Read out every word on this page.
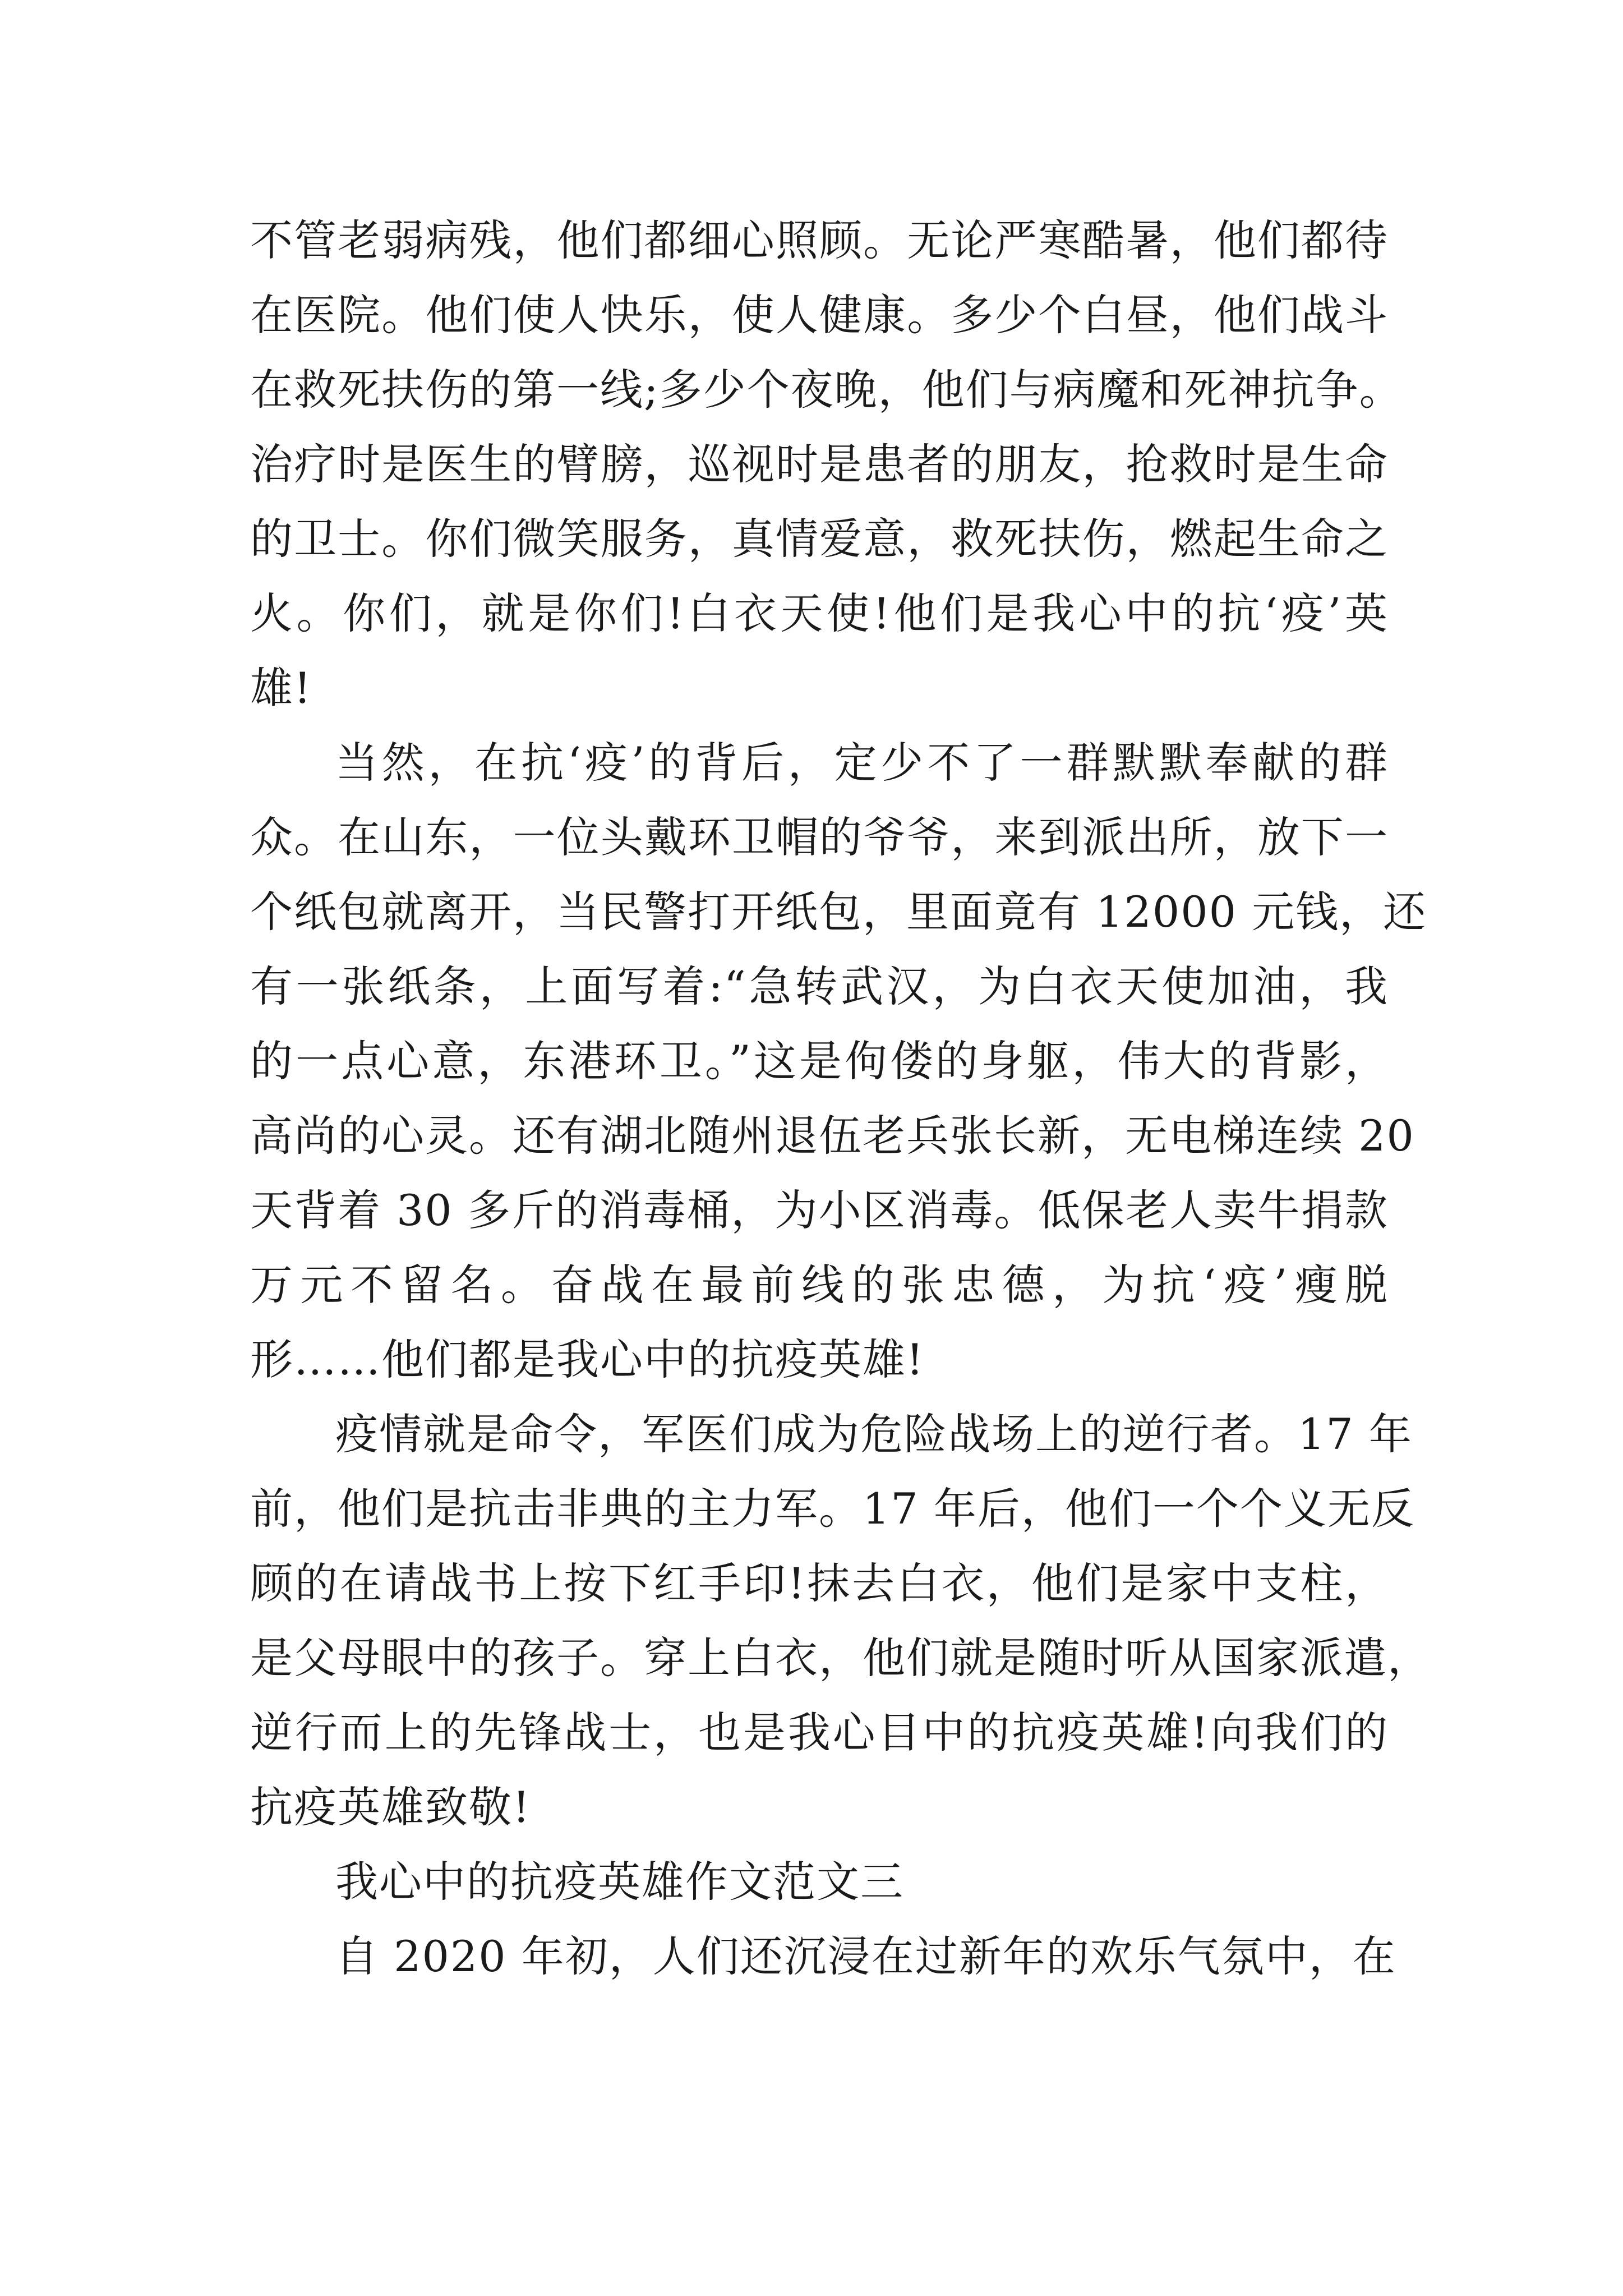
不管老弱病残，他们都细心照顾。无论严寒酷暑，他们都待
在医院。他们使人快乐，使人健康。多少个白昼，他们战斗
在救死扶伤的第一线;多少个夜晚，他们与病魔和死神抗争。
治疗时是医生的臂膀，巡视时是患者的朋友，抢救时是生命
的卫士。你们微笑服务，真情爱意，救死扶伤，燃起生命之
火。你们，就是你们!白衣天使!他们是我心中的抗‘疫’英
雄!
当然，在抗‘疫’的背后，定少不了一群默默奉献的群
众。在山东，一位头戴环卫帽的爷爷，来到派出所，放下一
个纸包就离开，当民警打开纸包，里面竟有 12000 元钱，还
有一张纸条，上面写着:“急转武汉，为白衣天使加油，我
的一点心意，东港环卫。”这是佝偻的身躯，伟大的背影，
高尚的心灵。还有湖北随州退伍老兵张长新，无电梯连续 20
天背着 30 多斤的消毒桶，为小区消毒。低保老人卖牛捐款
万元不留名。奋战在最前线的张忠德，为抗‘疫’瘦脱
形……他们都是我心中的抗疫英雄!
疫情就是命令，军医们成为危险战场上的逆行者。17 年
前，他们是抗击非典的主力军。17 年后，他们一个个义无反
顾的在请战书上按下红手印!抹去白衣，他们是家中支柱，
是父母眼中的孩子。穿上白衣，他们就是随时听从国家派遣，
逆行而上的先锋战士，也是我心目中的抗疫英雄!向我们的
抗疫英雄致敬!
我心中的抗疫英雄作文范文三
自 2020 年初，人们还沉浸在过新年的欢乐气氛中，在
